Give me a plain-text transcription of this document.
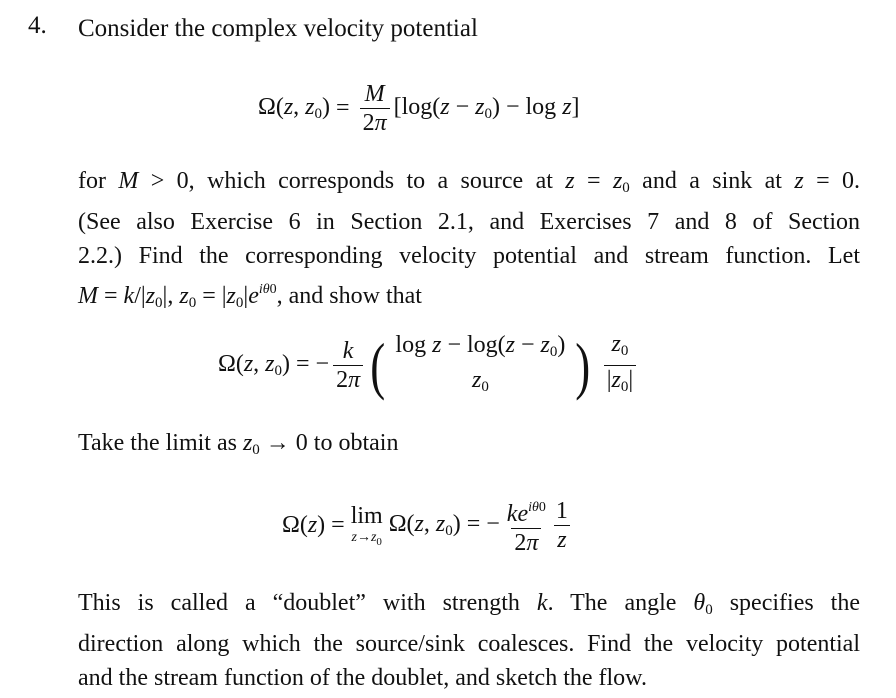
4. Consider the complex velocity potential
Ω(z, $z_0) = \frac{M}{2\pi} [\log(z - z_0) - \log z]$
for M > 0, which corresponds to a source at $z = z_0$ and a sink at z = 0.
(See also Exercise 6 in Section 2.1, and Exercises 7 and 8 of Section
2.2.) Find the corresponding velocity potential and stream function. Let
$M = k/|z_0|$, $z_0 = |z_0|e^{i\theta 0}$, and show that
Ω(z, $z_0$) = − $\frac{k}{2\pi}$ ( $\log z - \log(z - z_0)$
$z_0$ ) $\frac{z_0}{|z_0|}$
Take the limit as $z_0 \to 0$ to obtain
Ω(z) = lim
$z\to z_0$
Ω(z, $z_0$) = − $\frac{ke^{i\theta 0}}{2\pi} \frac{1}{z}$
This is called a “doublet” with strength k. The angle $\theta_0$ specifies the
direction along which the source/sink coalesces. Find the velocity potential
and the stream function of the doublet, and sketch the flow.
